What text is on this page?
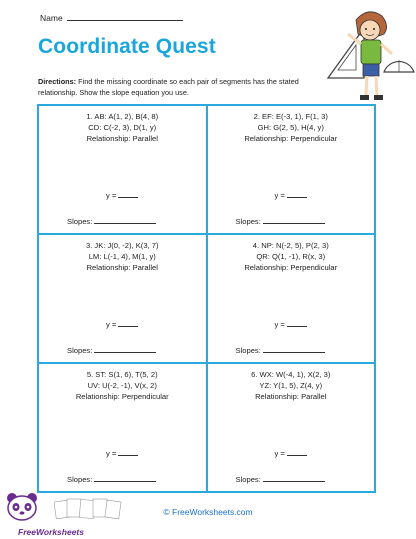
Name
Coordinate Quest
Directions: Find the missing coordinate so each pair of segments has the stated relationship. Show the slope equation you use.
1. AB: A(1, 2), B(4, 8)
CD: C(-2, 3), D(1, y)
Relationship: Parallel
y =
Slopes:
2. EF: E(-3, 1), F(1, 3)
GH: G(2, 5), H(4, y)
Relationship: Perpendicular
y =
Slopes:
3. JK: J(0, -2), K(3, 7)
LM: L(-1, 4), M(1, y)
Relationship: Parallel
y =
Slopes:
4. NP: N(-2, 5), P(2, 3)
QR: Q(1, -1), R(x, 3)
Relationship: Perpendicular
y =
Slopes:
5. ST: S(1, 6), T(5, 2)
UV: U(-2, -1), V(x, 2)
Relationship: Perpendicular
y =
Slopes:
6. WX: W(-4, 1), X(2, 3)
YZ: Y(1, 5), Z(4, y)
Relationship: Parallel
y =
Slopes:
FreeWorksheets
© FreeWorksheets.com
